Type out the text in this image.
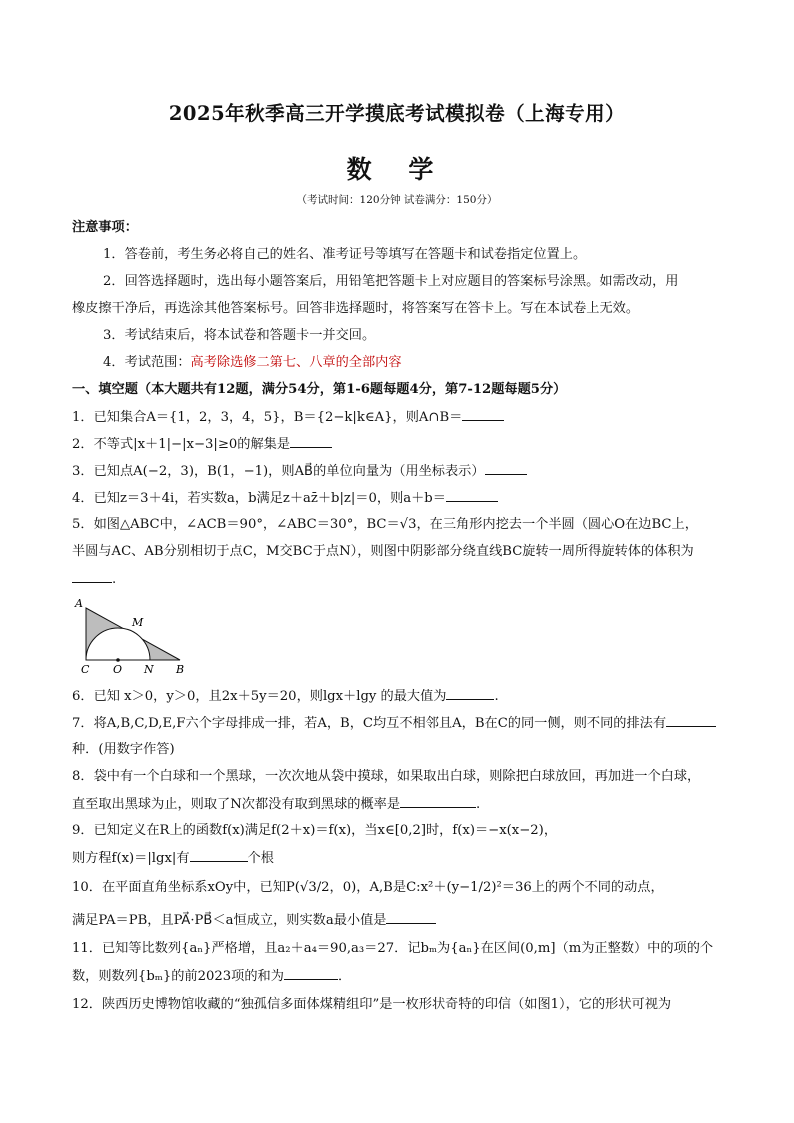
2025年秋季高三开学摸底考试模拟卷（上海专用）
数 学
（考试时间：120分钟 试卷满分：150分）
注意事项：
1．答卷前，考生务必将自己的姓名、准考证号等填写在答题卡和试卷指定位置上。
2．回答选择题时，选出每小题答案后，用铅笔把答题卡上对应题目的答案标号涂黑。如需改动，用
橡皮擦干净后，再选涂其他答案标号。回答非选择题时，将答案写在答卡上。写在本试卷上无效。
3．考试结束后，将本试卷和答题卡一并交回。
4．考试范围：高考除选修二第七、八章的全部内容
一、填空题（本大题共有12题，满分54分，第1-6题每题4分，第7-12题每题5分）
1．已知集合A＝{1，2，3，4，5}，B＝{2−k|k∈A}，则A∩B＝
2．不等式|x＋1|−|x−3|≥0的解集是
3．已知点A(−2，3)，B(1，−1)，则AB⃗的单位向量为（用坐标表示）
4．已知z＝3＋4i，若实数a，b满足z＋az̄＋b|z|＝0，则a＋b＝
5．如图△ABC中，∠ACB＝90°，∠ABC＝30°，BC＝√3，在三角形内挖去一个半圆（圆心O在边BC上，
半圆与AC、AB分别相切于点C，M交BC于点N），则图中阴影部分绕直线BC旋转一周所得旋转体的体积为
.
A
M
C O N B
6．已知 x＞0，y＞0，且2x＋5y＝20，则lgx＋lgy 的最大值为	.
7．将A,B,C,D,E,F六个字母排成一排，若A，B，C均互不相邻且A，B在C的同一侧，则不同的排法有
种．(用数字作答)
8．袋中有一个白球和一个黑球，一次次地从袋中摸球，如果取出白球，则除把白球放回，再加进一个白球，
直至取出黑球为止，则取了N次都没有取到黑球的概率是	.
9．已知定义在R上的函数f(x)满足f(2＋x)＝f(x)，当x∈[0,2]时，f(x)＝−x(x−2)，
则方程f(x)＝|lgx|有	个根
10．在平面直角坐标系xOy中，已知P(√3/2，0)，A,B是C:x²＋(y−1/2)²＝36上的两个不同的动点，
满足PA＝PB，且PA⃗·PB⃗＜a恒成立，则实数a最小值是
11．已知等比数列{aₙ}严格增，且a₂＋a₄＝90,a₃＝27．记bₘ为{aₙ}在区间(0,m]（m为正整数）中的项的个
数，则数列{bₘ}的前2023项的和为	．
12．陕西历史博物馆收藏的“独孤信多面体煤精组印”是一枚形状奇特的印信（如图1），它的形状可视为
